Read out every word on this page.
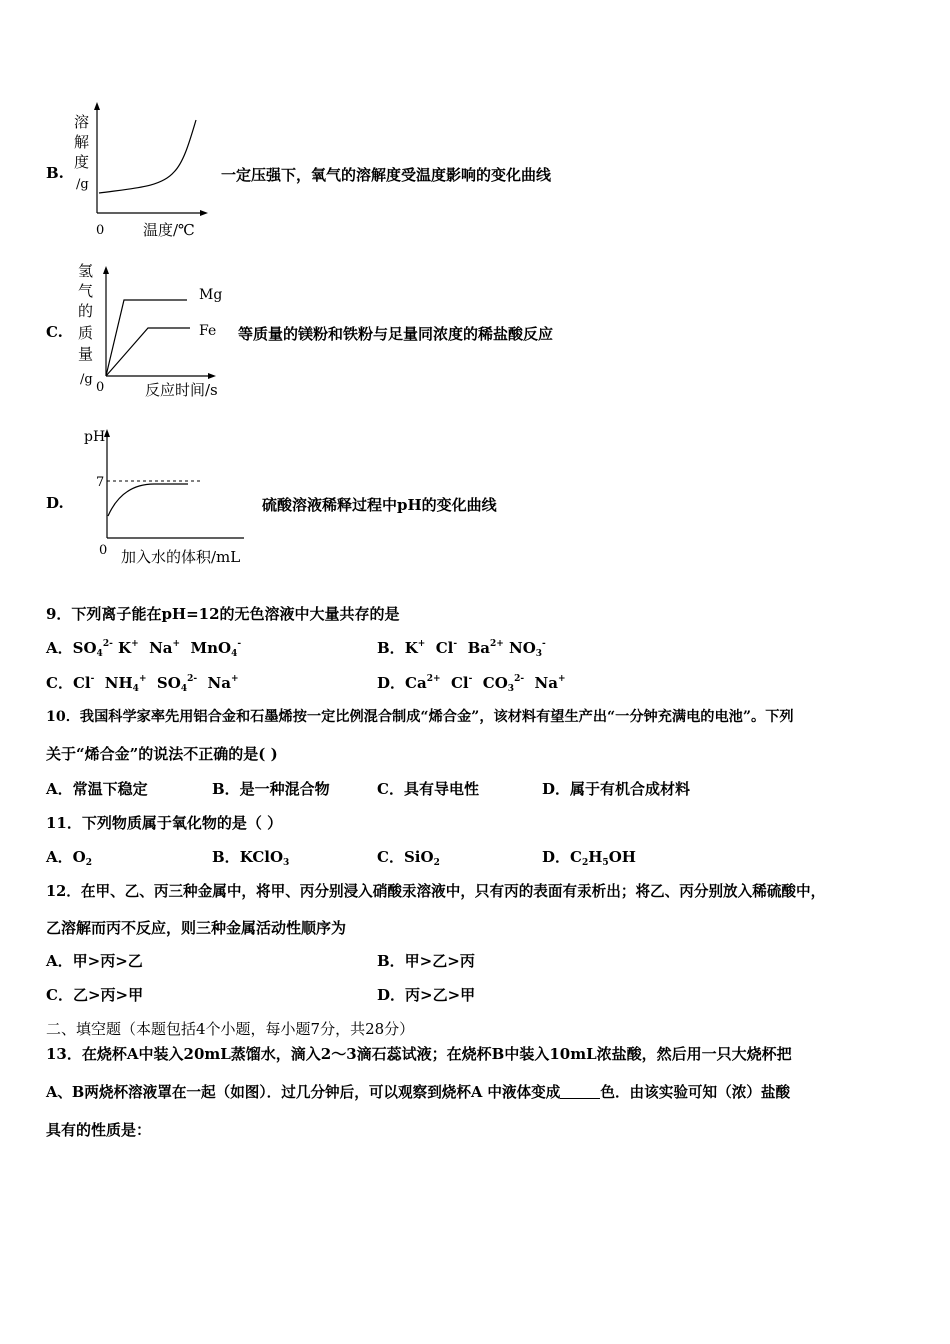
B.
溶
解
度
/g
0	温度/℃
一定压强下，氧气的溶解度受温度影响的变化曲线
C.
氢
气
的
质
量
/g
Mg
Fe
0	反应时间/s
等质量的镁粉和铁粉与足量同浓度的稀盐酸反应
D.
pH
7
0 加入水的体积/mL
硫酸溶液稀释过程中pH的变化曲线
9．下列离子能在pH=12的无色溶液中大量共存的是
A．$SO_4^{2-}$ K+  Na+  MnO$_4$-	B．K+  Cl-  $Ba^{2+}$ $NO_3^-$
C．Cl-  $NH_4^+$  $SO_4^{2-}$  Na+	D．$Ca^{2+}$  Cl-  $CO_3^{2-}$  Na+
10．我国科学家率先用铝合金和石墨烯按一定比例混合制成“烯合金”，该材料有望生产出“一分钟充满电的电池”。下列
关于“烯合金”的说法不正确的是( )
A．常温下稳定	B．是一种混合物	C．具有导电性	D．属于有机合成材料
11．下列物质属于氧化物的是（ ）
A．$O_2$	B．KClO$_3$	C．SiO$_2$	D．$C_2H_5OH$
12．在甲、乙、丙三种金属中，将甲、丙分别浸入硝酸汞溶液中，只有丙的表面有汞析出；将乙、丙分别放入稀硫酸中，
乙溶解而丙不反应，则三种金属活动性顺序为
A．甲>丙>乙	B．甲>乙>丙
C．乙>丙>甲	D．丙>乙>甲
二、填空题（本题包括4个小题，每小题7分，共28分）
13．在烧杯A中装入20mL蒸馏水，滴入2～3滴石蕊试液；在烧杯B中装入10mL浓盐酸，然后用一只大烧杯把
A、B两烧杯溶液罩在一起（如图）．过几分钟后，可以观察到烧杯A 中液体变成	色．由该实验可知（浓）盐酸
具有的性质是：
